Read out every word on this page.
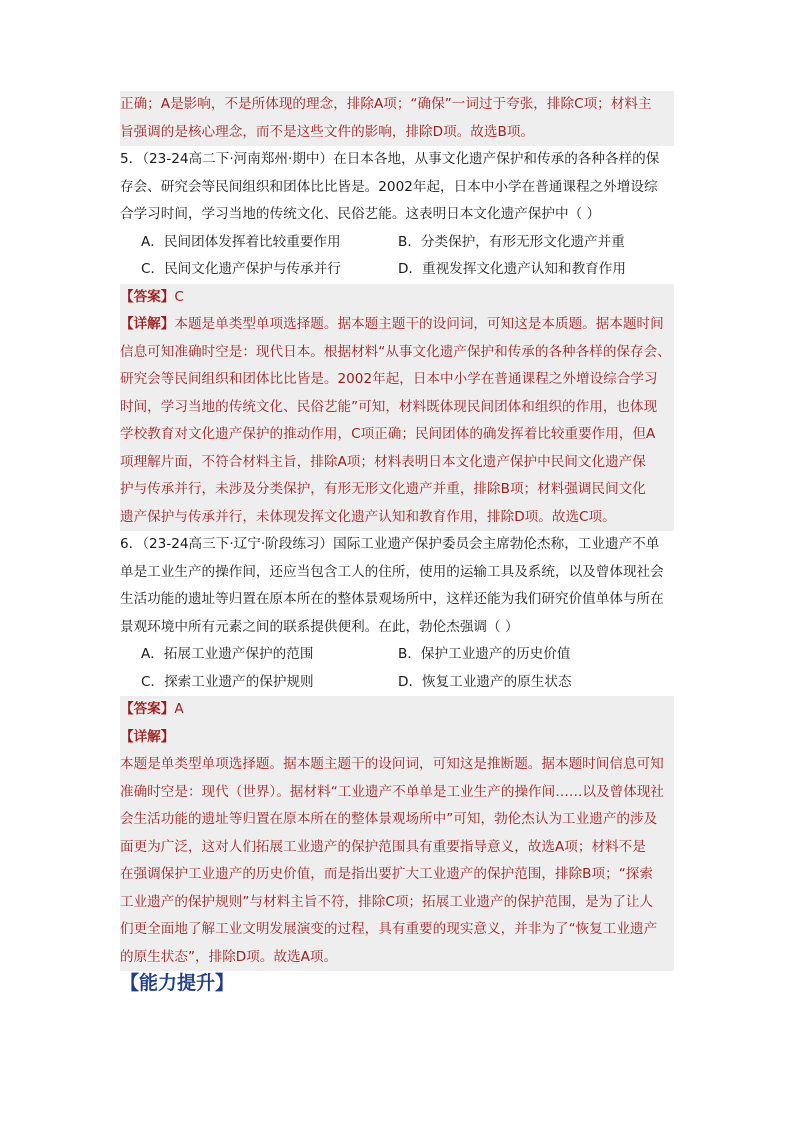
正确；A是影响，不是所体现的理念，排除A项；“确保”一词过于夸张，排除C项；材料主
旨强调的是核心理念，而不是这些文件的影响，排除D项。故选B项。
5．（23-24高二下·河南郑州·期中）在日本各地，从事文化遗产保护和传承的各种各样的保
存会、研究会等民间组织和团体比比皆是。2002年起，日本中小学在普通课程之外增设综
合学习时间，学习当地的传统文化、民俗艺能。这表明日本文化遗产保护中（ ）
A．民间团体发挥着比较重要作用	B．分类保护，有形无形文化遗产并重
C．民间文化遗产保护与传承并行	D．重视发挥文化遗产认知和教育作用
【答案】C
【详解】本题是单类型单项选择题。据本题主题干的设问词，可知这是本质题。据本题时间
信息可知准确时空是：现代日本。根据材料“从事文化遗产保护和传承的各种各样的保存会、
研究会等民间组织和团体比比皆是。2002年起，日本中小学在普通课程之外增设综合学习
时间，学习当地的传统文化、民俗艺能”可知，材料既体现民间团体和组织的作用，也体现
学校教育对文化遗产保护的推动作用，C项正确；民间团体的确发挥着比较重要作用，但A
项理解片面，不符合材料主旨，排除A项；材料表明日本文化遗产保护中民间文化遗产保
护与传承并行，未涉及分类保护，有形无形文化遗产并重，排除B项；材料强调民间文化
遗产保护与传承并行，未体现发挥文化遗产认知和教育作用，排除D项。故选C项。
6．（23-24高三下·辽宁·阶段练习）国际工业遗产保护委员会主席勃伦杰称，工业遗产不单
单是工业生产的操作间，还应当包含工人的住所，使用的运输工具及系统，以及曾体现社会
生活功能的遗址等归置在原本所在的整体景观场所中，这样还能为我们研究价值单体与所在
景观环境中所有元素之间的联系提供便利。在此，勃伦杰强调（ ）
A．拓展工业遗产保护的范围	B．保护工业遗产的历史价值
C．探索工业遗产的保护规则	D．恢复工业遗产的原生状态
【答案】A
【详解】
本题是单类型单项选择题。据本题主题干的设问词，可知这是推断题。据本题时间信息可知
准确时空是：现代（世界）。据材料“工业遗产不单单是工业生产的操作间……以及曾体现社
会生活功能的遗址等归置在原本所在的整体景观场所中”可知，勃伦杰认为工业遗产的涉及
面更为广泛，这对人们拓展工业遗产的保护范围具有重要指导意义，故选A项；材料不是
在强调保护工业遗产的历史价值，而是指出要扩大工业遗产的保护范围，排除B项；“探索
工业遗产的保护规则”与材料主旨不符，排除C项；拓展工业遗产的保护范围，是为了让人
们更全面地了解工业文明发展演变的过程，具有重要的现实意义，并非为了“恢复工业遗产
的原生状态”，排除D项。故选A项。
【能力提升】
